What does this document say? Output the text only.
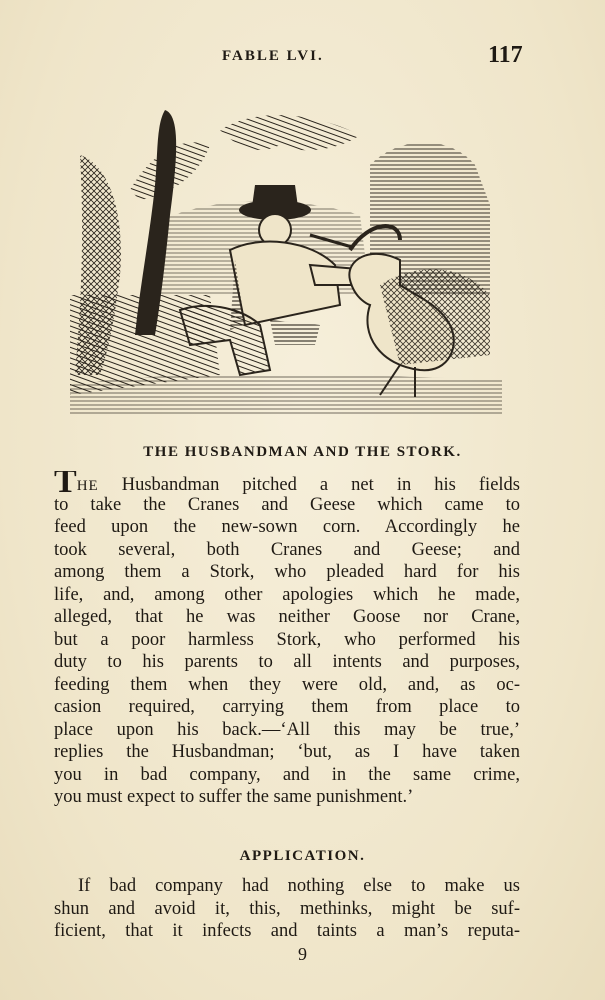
FABLE LVI.	117
THE HUSBANDMAN AND THE STORK.
THE Husbandman pitched a net in his fields
to take the Cranes and Geese which came to
feed upon the new-sown corn. Accordingly he
took several, both Cranes and Geese; and
among them a Stork, who pleaded hard for his
life, and, among other apologies which he made,
alleged, that he was neither Goose nor Crane,
but a poor harmless Stork, who performed his
duty to his parents to all intents and purposes,
feeding them when they were old, and, as oc-
casion required, carrying them from place to
place upon his back.—‘All this may be true,’
replies the Husbandman; ‘but, as I have taken
you in bad company, and in the same crime,
you must expect to suffer the same punishment.’
APPLICATION.
If bad company had nothing else to make us
shun and avoid it, this, methinks, might be suf-
ficient, that it infects and taints a man’s reputa-
9
